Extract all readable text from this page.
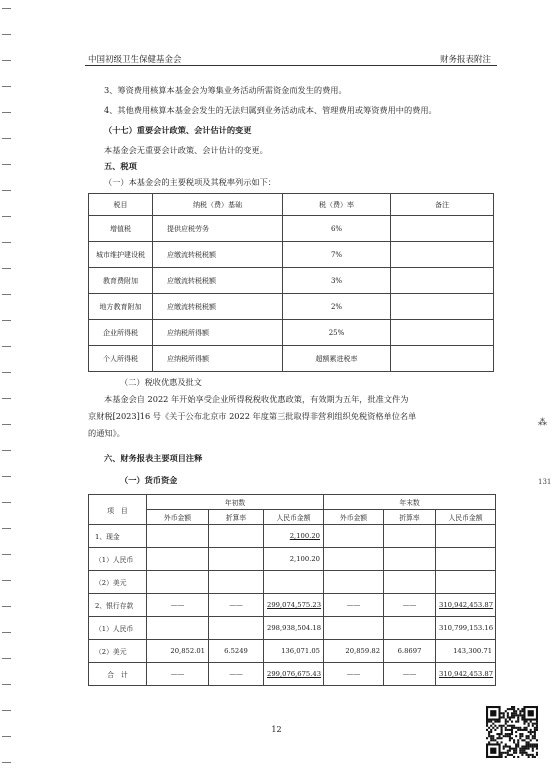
中国初级卫生保健基金会	财务报表附注
3、筹资费用核算本基金会为筹集业务活动所需资金而发生的费用。
4、其他费用核算本基金会发生的无法归属到业务活动成本、管理费用或筹资费用中的费用。
（十七）重要会计政策、会计估计的变更
本基金会无重要会计政策、会计估计的变更。
五、税项
（一）本基金会的主要税项及其税率列示如下：
税目	纳税（费）基础	税（费）率	备注
增值税	提供应税劳务	6%	
城市维护建设税	应缴流转税税额	7%	
教育费附加	应缴流转税税额	3%	
地方教育附加	应缴流转税税额	2%	
企业所得税	应纳税所得额	25%	
个人所得税	应纳税所得额	超额累进税率	
（二）税收优惠及批文
本基金会自 2022 年开始享受企业所得税税收优惠政策，有效期为五年，批准文件为
京财税[2023]16 号《关于公布北京市 2022 年度第三批取得非营利组织免税资格单位名单
的通知》。
六、财务报表主要项目注释
（一）货币资金
项　目	年初数			年末数		
	外币金额	折算率	人民币金额	外币金额	折算率	人民币金额
1、现金			2,100.20			
（1）人民币			2,100.20			
（2）美元						
2、银行存款	——	——	299,074,575.23	——	——	310,942,453.87
（1）人民币			298,938,504.18			310,799,153.16
（2）美元	20,852.01	6.5249	136,071.05	20,859.82	6.8697	143,300.71
合　计	——	——	299,076,675.43	——	——	310,942,453.87
12
⁂
131
